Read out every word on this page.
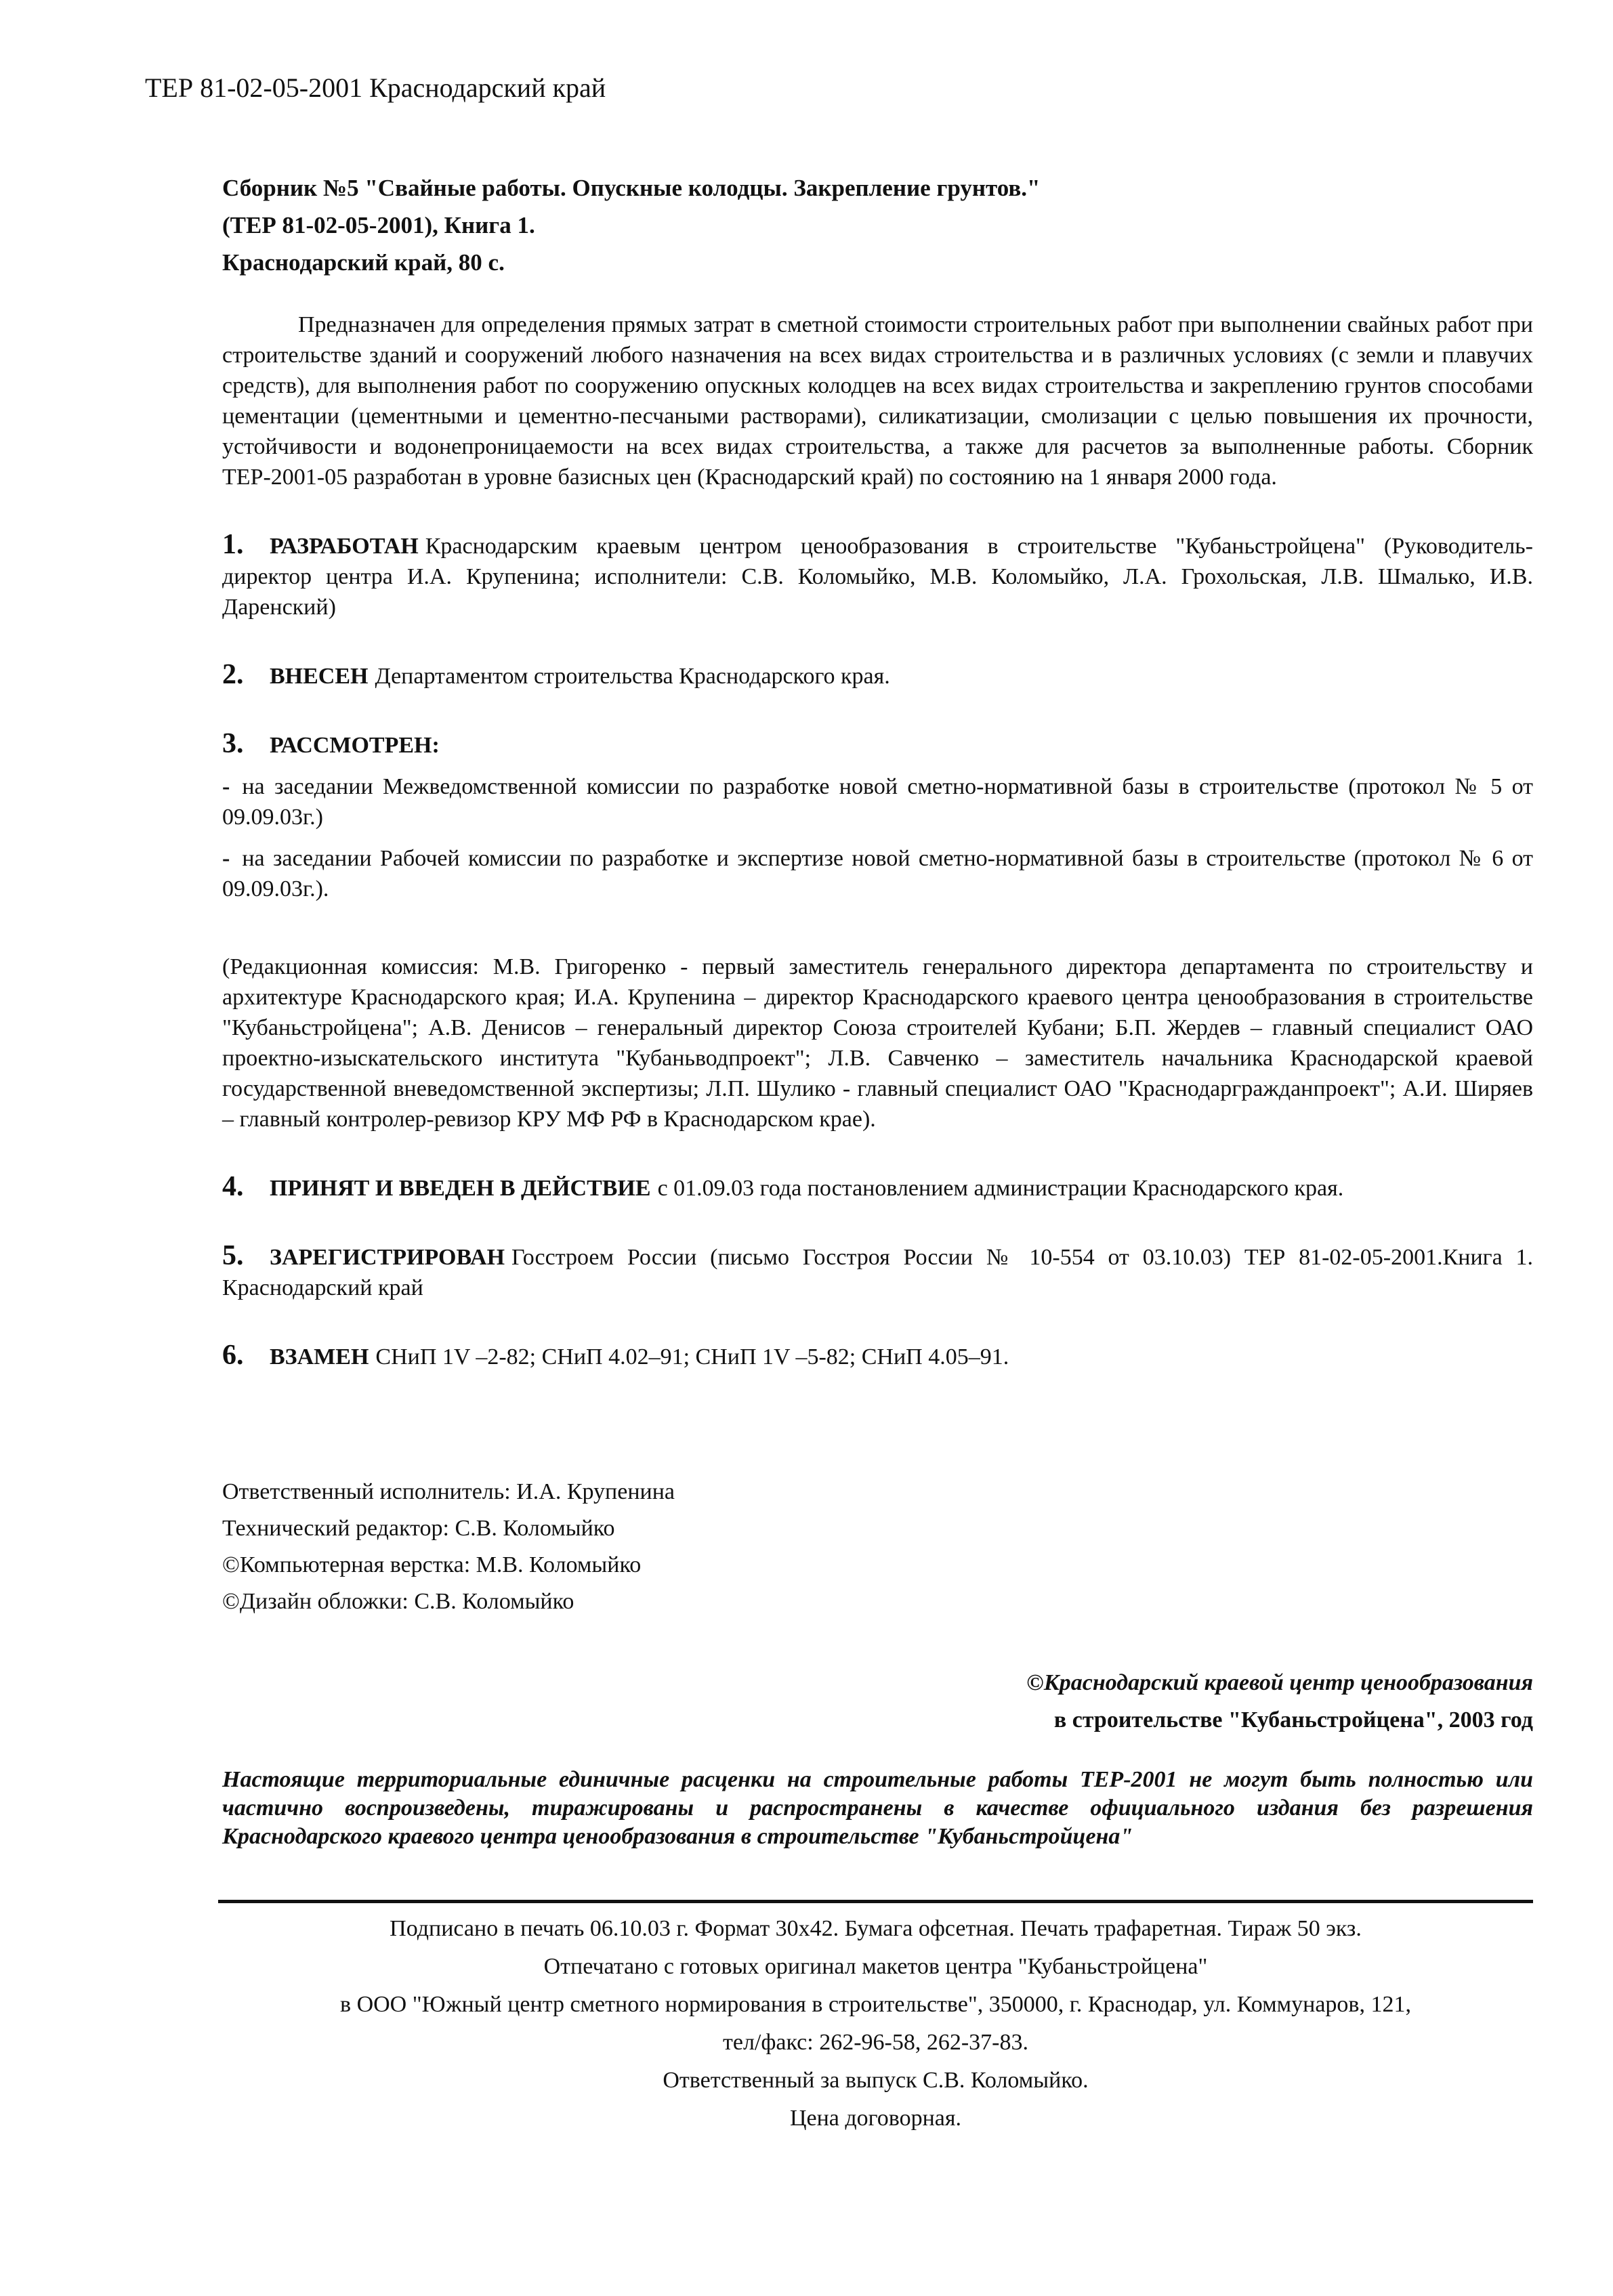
ТЕР 81-02-05-2001 Краснодарский край
Сборник №5 "Свайные работы. Опускные колодцы. Закрепление грунтов."
(ТЕР 81-02-05-2001), Книга 1.
Краснодарский край, 80 с.
Предназначен для определения прямых затрат в сметной стоимости строительных работ при выполнении свайных работ при строительстве зданий и сооружений любого назначения на всех видах строительства и в различных условиях (с земли и плавучих средств), для выполнения работ по сооружению опускных колодцев на всех видах строительства и закреплению грунтов способами цементации (цементными и цементно-песчаными растворами), силикатизации, смолизации с целью повышения их прочности, устойчивости и водонепроницаемости на всех видах строительства, а также для расчетов за выполненные работы. Сборник ТЕР-2001-05 разработан в уровне базисных цен (Краснодарский край) по состоянию на 1 января 2000 года.
1. РАЗРАБОТАН Краснодарским краевым центром ценообразования в строительстве "Кубаньстройцена" (Руководитель- директор центра И.А. Крупенина; исполнители: С.В. Коломыйко, М.В. Коломыйко, Л.А. Грохольская, Л.В. Шмалько, И.В. Даренский)
2. ВНЕСЕН Департаментом строительства Краснодарского края.
3. РАССМОТРЕН:
- на заседании Межведомственной комиссии по разработке новой сметно-нормативной базы в строительстве (протокол № 5 от 09.09.03г.)
- на заседании Рабочей комиссии по разработке и экспертизе новой сметно-нормативной базы в строительстве (протокол № 6 от 09.09.03г.).
(Редакционная комиссия: М.В. Григоренко - первый заместитель генерального директора департамента по строительству и архитектуре Краснодарского края; И.А. Крупенина – директор Краснодарского краевого центра ценообразования в строительстве "Кубаньстройцена"; А.В. Денисов – генеральный директор Союза строителей Кубани; Б.П. Жердев – главный специалист ОАО проектно-изыскательского института "Кубаньводпроект"; Л.В. Савченко – заместитель начальника Краснодарской краевой государственной вневедомственной экспертизы; Л.П. Шулико - главный специалист ОАО "Краснодаргражданпроект"; А.И. Ширяев – главный контролер-ревизор КРУ МФ РФ в Краснодарском крае).
4. ПРИНЯТ И ВВЕДЕН В ДЕЙСТВИЕ с 01.09.03 года постановлением администрации Краснодарского края.
5. ЗАРЕГИСТРИРОВАН Госстроем России (письмо Госстроя России № 10-554 от 03.10.03) ТЕР 81-02-05-2001.Книга 1. Краснодарский край
6. ВЗАМЕН СНиП 1V –2-82; СНиП 4.02–91; СНиП 1V –5-82; СНиП 4.05–91.
Ответственный исполнитель: И.А. Крупенина
Технический редактор: С.В. Коломыйко
©Компьютерная верстка: М.В. Коломыйко
©Дизайн обложки: С.В. Коломыйко
©Краснодарский краевой центр ценообразования
в строительстве "Кубаньстройцена", 2003 год
Настоящие территориальные единичные расценки на строительные работы ТЕР-2001 не могут быть полностью или частично воспроизведены, тиражированы и распространены в качестве официального издания без разрешения Краснодарского краевого центра ценообразования в строительстве "Кубаньстройцена"
Подписано в печать 06.10.03 г. Формат 30х42. Бумага офсетная. Печать трафаретная. Тираж 50 экз.
Отпечатано с готовых оригинал макетов центра "Кубаньстройцена"
в ООО "Южный центр сметного нормирования в строительстве", 350000, г. Краснодар, ул. Коммунаров, 121,
тел/факс: 262-96-58, 262-37-83.
Ответственный за выпуск С.В. Коломыйко.
Цена договорная.
